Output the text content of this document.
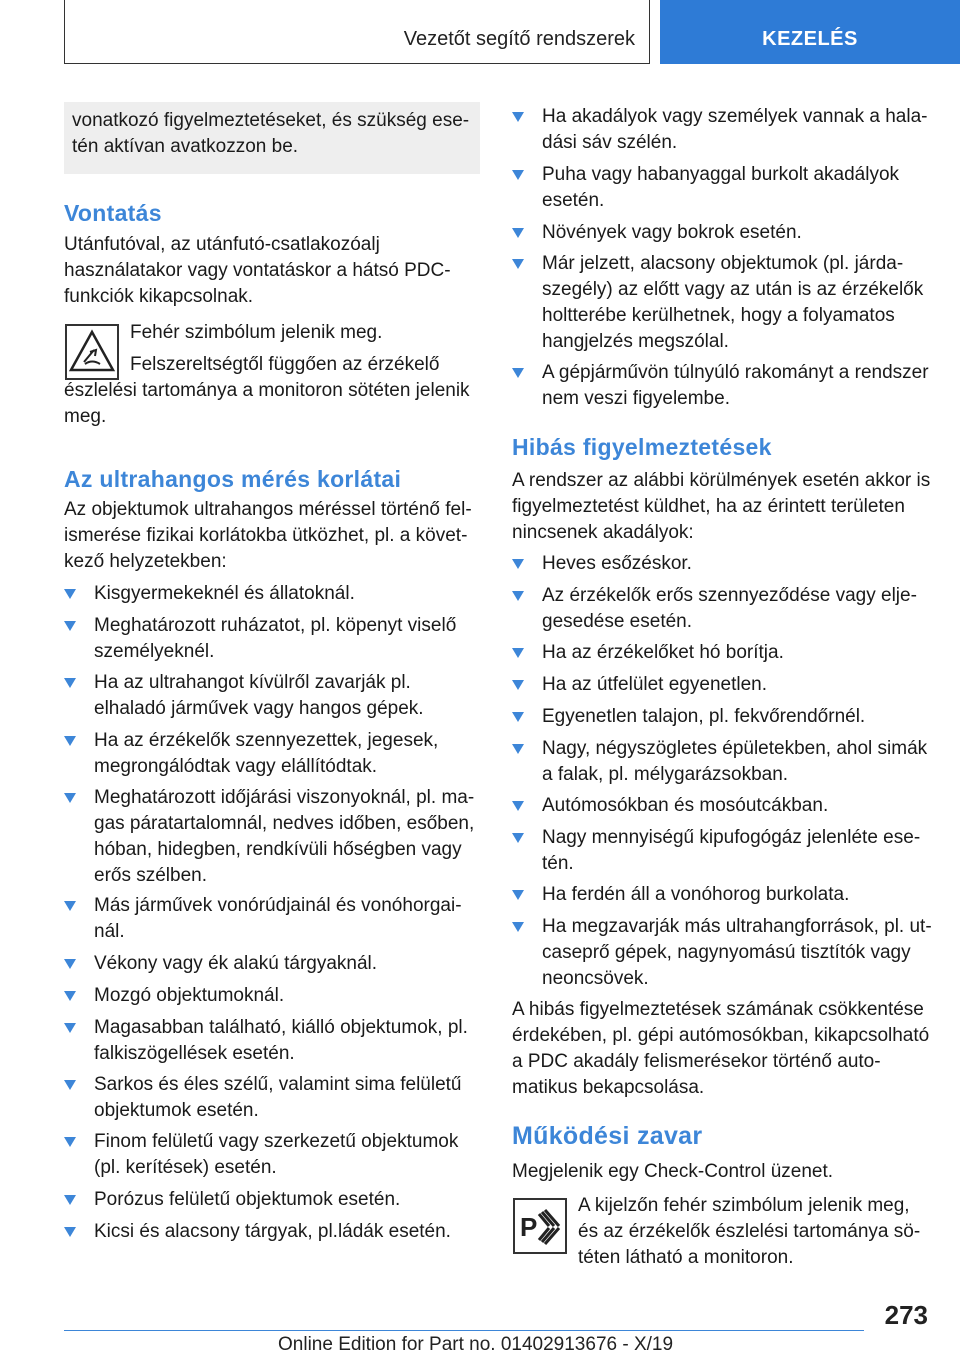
Vezetőt segítő rendszerek	KEZELÉS
vonatkozó figyelmeztetéseket, és szükség esetén aktívan avatkozzon be.
Vontatás
Utánfutóval, az utánfutó-csatlakozóalj használatakor vagy vontatáskor a hátsó PDC-funkciók kikapcsolnak.
Fehér szimbólum jelenik meg.
Felszereltségtől függően az érzékelő észlelési tartománya a monitoron sötéten jelenik meg.
Az ultrahangos mérés korlátai
Az objektumok ultrahangos méréssel történő felismerése fizikai korlátokba ütközhet, pl. a következő helyzetekben:
Kisgyermekeknél és állatoknál.
Meghatározott ruházatot, pl. köpenyt viselő személyeknél.
Ha az ultrahangot kívülről zavarják pl. elhaladó járművek vagy hangos gépek.
Ha az érzékelők szennyezettek, jegesek, megrongálódtak vagy elállítódtak.
Meghatározott időjárási viszonyoknál, pl. magas páratartalomnál, nedves időben, esőben, hóban, hidegben, rendkívüli hőségben vagy erős szélben.
Más járművek vonórúdjainál és vonóhorgainál.
Vékony vagy ék alakú tárgyaknál.
Mozgó objektumoknál.
Magasabban található, kiálló objektumok, pl. falkiszögellések esetén.
Sarkos és éles szélű, valamint sima felületű objektumok esetén.
Finom felületű vagy szerkezetű objektumok (pl. kerítések) esetén.
Porózus felületű objektumok esetén.
Kicsi és alacsony tárgyak, pl.ládák esetén.
Ha akadályok vagy személyek vannak a haladási sáv szélén.
Puha vagy habanyaggal burkolt akadályok esetén.
Növények vagy bokrok esetén.
Már jelzett, alacsony objektumok (pl. járdaszegély) az előtt vagy az után is az érzékelők holtterébe kerülhetnek, hogy a folyamatos hangjelzés megszólal.
A gépjárművön túlnyúló rakományt a rendszer nem veszi figyelembe.
Hibás figyelmeztetések
A rendszer az alábbi körülmények esetén akkor is figyelmeztetést küldhet, ha az érintett területen nincsenek akadályok:
Heves esőzéskor.
Az érzékelők erős szennyeződése vagy eljegesedése esetén.
Ha az érzékelőket hó borítja.
Ha az útfelület egyenetlen.
Egyenetlen talajon, pl. fekvőrendőrnél.
Nagy, négyszögletes épületekben, ahol simák a falak, pl. mélygarázsokban.
Autómosókban és mosóutcákban.
Nagy mennyiségű kipufogógáz jelenléte esetén.
Ha ferdén áll a vonóhorog burkolata.
Ha megzavarják más ultrahangforrások, pl. utcaseprő gépek, nagynyomású tisztítók vagy neoncsövek.
A hibás figyelmeztetések számának csökkentése érdekében, pl. gépi autómosókban, kikapcsolható a PDC akadály felismerésekor történő automatikus bekapcsolása.
Működési zavar
Megjelenik egy Check-Control üzenet.
P
A kijelzőn fehér szimbólum jelenik meg, és az érzékelők észlelési tartománya sötéten látható a monitoron.
273
Online Edition for Part no. 01402913676 - X/19
